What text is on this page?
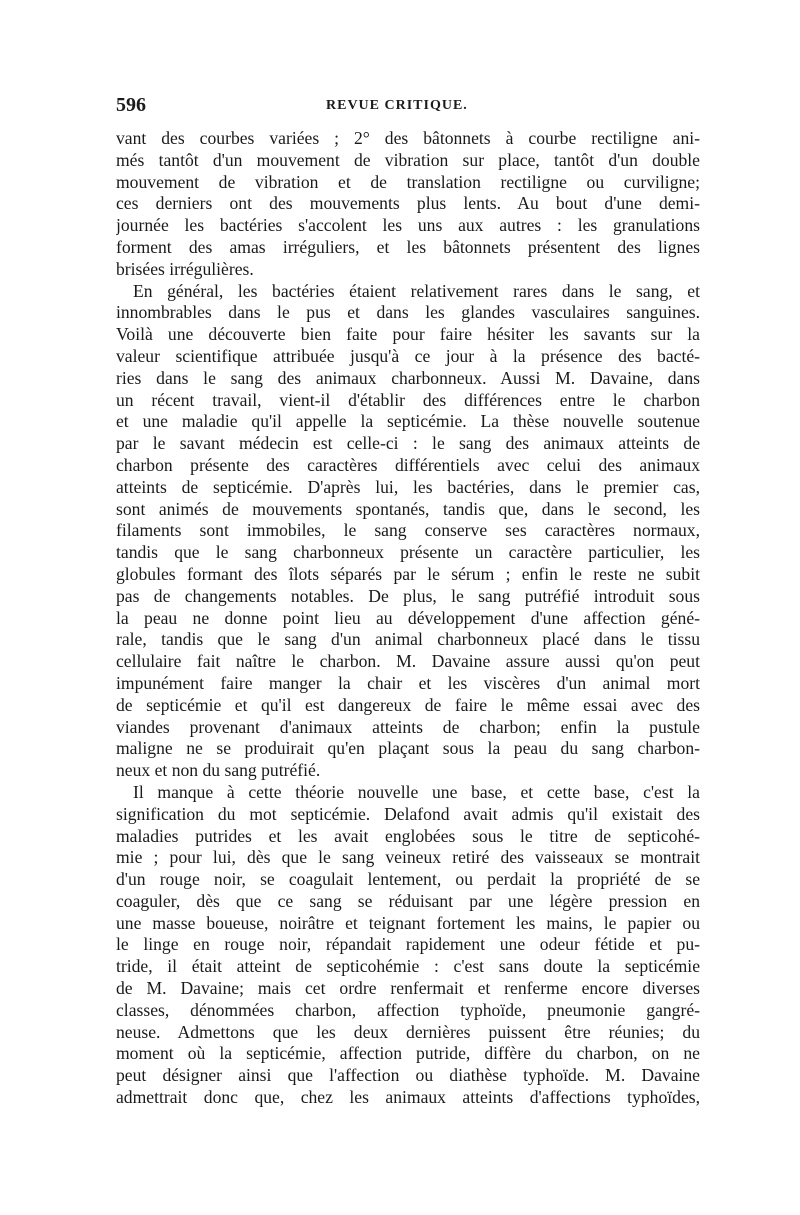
596	REVUE CRITIQUE.
vant des courbes variées ; 2° des bâtonnets à courbe rectiligne ani-
més tantôt d'un mouvement de vibration sur place, tantôt d'un double
mouvement de vibration et de translation rectiligne ou curviligne;
ces derniers ont des mouvements plus lents. Au bout d'une demi-
journée les bactéries s'accolent les uns aux autres : les granulations
forment des amas irréguliers, et les bâtonnets présentent des lignes
brisées irrégulières.
En général, les bactéries étaient relativement rares dans le sang, et
innombrables dans le pus et dans les glandes vasculaires sanguines.
Voilà une découverte bien faite pour faire hésiter les savants sur la
valeur scientifique attribuée jusqu'à ce jour à la présence des bacté-
ries dans le sang des animaux charbonneux. Aussi M. Davaine, dans
un récent travail, vient-il d'établir des différences entre le charbon
et une maladie qu'il appelle la septicémie. La thèse nouvelle soutenue
par le savant médecin est celle-ci : le sang des animaux atteints de
charbon présente des caractères différentiels avec celui des animaux
atteints de septicémie. D'après lui, les bactéries, dans le premier cas,
sont animés de mouvements spontanés, tandis que, dans le second, les
filaments sont immobiles, le sang conserve ses caractères normaux,
tandis que le sang charbonneux présente un caractère particulier, les
globules formant des îlots séparés par le sérum ; enfin le reste ne subit
pas de changements notables. De plus, le sang putréfié introduit sous
la peau ne donne point lieu au développement d'une affection géné-
rale, tandis que le sang d'un animal charbonneux placé dans le tissu
cellulaire fait naître le charbon. M. Davaine assure aussi qu'on peut
impunément faire manger la chair et les viscères d'un animal mort
de septicémie et qu'il est dangereux de faire le même essai avec des
viandes provenant d'animaux atteints de charbon; enfin la pustule
maligne ne se produirait qu'en plaçant sous la peau du sang charbon-
neux et non du sang putréfié.
Il manque à cette théorie nouvelle une base, et cette base, c'est la
signification du mot septicémie. Delafond avait admis qu'il existait des
maladies putrides et les avait englobées sous le titre de septicohé-
mie ; pour lui, dès que le sang veineux retiré des vaisseaux se montrait
d'un rouge noir, se coagulait lentement, ou perdait la propriété de se
coaguler, dès que ce sang se réduisant par une légère pression en
une masse boueuse, noirâtre et teignant fortement les mains, le papier ou
le linge en rouge noir, répandait rapidement une odeur fétide et pu-
tride, il était atteint de septicohémie : c'est sans doute la septicémie
de M. Davaine; mais cet ordre renfermait et renferme encore diverses
classes, dénommées charbon, affection typhoïde, pneumonie gangré-
neuse. Admettons que les deux dernières puissent être réunies; du
moment où la septicémie, affection putride, diffère du charbon, on ne
peut désigner ainsi que l'affection ou diathèse typhoïde. M. Davaine
admettrait donc que, chez les animaux atteints d'affections typhoïdes,
